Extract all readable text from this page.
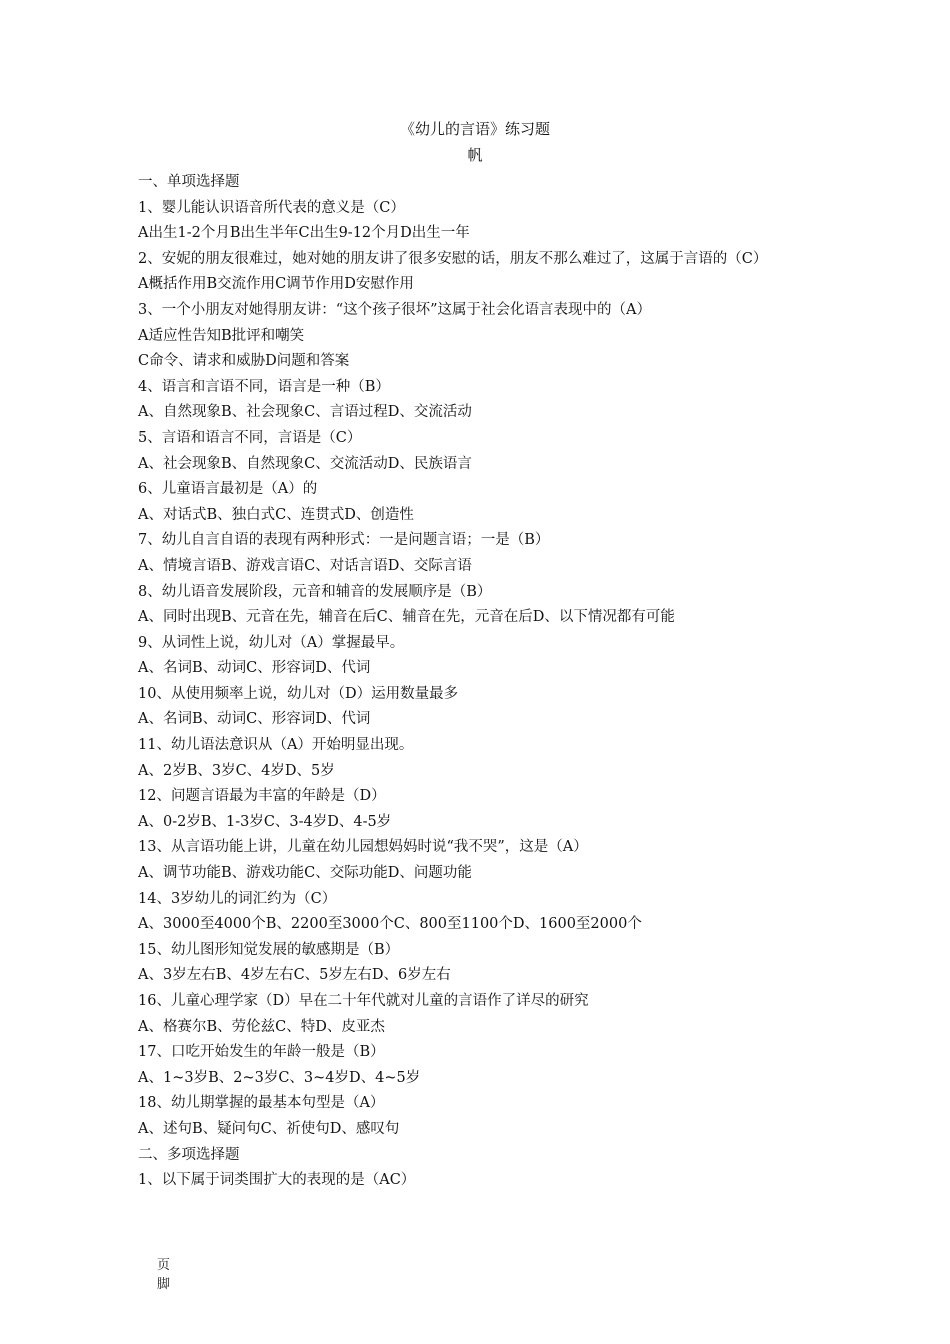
《幼儿的言语》练习题
帆
一、单项选择题
1、婴儿能认识语音所代表的意义是（C）
A出生1-2个月B出生半年C出生9-12个月D出生一年
2、安妮的朋友很难过，她对她的朋友讲了很多安慰的话，朋友不那么难过了，这属于言语的（C）
A概括作用B交流作用C调节作用D安慰作用
3、一个小朋友对她得朋友讲：“这个孩子很坏”这属于社会化语言表现中的（A）
A适应性告知B批评和嘲笑
C命令、请求和威胁D问题和答案
4、语言和言语不同，语言是一种（B）
A、自然现象B、社会现象C、言语过程D、交流活动
5、言语和语言不同，言语是（C）
A、社会现象B、自然现象C、交流活动D、民族语言
6、儿童语言最初是（A）的
A、对话式B、独白式C、连贯式D、创造性
7、幼儿自言自语的表现有两种形式：一是问题言语；一是（B）
A、情境言语B、游戏言语C、对话言语D、交际言语
8、幼儿语音发展阶段，元音和辅音的发展顺序是（B）
A、同时出现B、元音在先，辅音在后C、辅音在先，元音在后D、以下情况都有可能
9、从词性上说，幼儿对（A）掌握最早。
A、名词B、动词C、形容词D、代词
10、从使用频率上说，幼儿对（D）运用数量最多
A、名词B、动词C、形容词D、代词
11、幼儿语法意识从（A）开始明显出现。
A、2岁B、3岁C、4岁D、5岁
12、问题言语最为丰富的年龄是（D）
A、0-2岁B、1-3岁C、3-4岁D、4-5岁
13、从言语功能上讲，儿童在幼儿园想妈妈时说“我不哭”，这是（A）
A、调节功能B、游戏功能C、交际功能D、问题功能
14、3岁幼儿的词汇约为（C）
A、3000至4000个B、2200至3000个C、800至1100个D、1600至2000个
15、幼儿图形知觉发展的敏感期是（B）
A、3岁左右B、4岁左右C、5岁左右D、6岁左右
16、儿童心理学家（D）早在二十年代就对儿童的言语作了详尽的研究
A、格赛尔B、劳伦兹C、特D、皮亚杰
17、口吃开始发生的年龄一般是（B）
A、1~3岁B、2~3岁C、3~4岁D、4~5岁
18、幼儿期掌握的最基本句型是（A）
A、述句B、疑问句C、祈使句D、感叹句
二、多项选择题
1、以下属于词类围扩大的表现的是（AC）
页
脚
